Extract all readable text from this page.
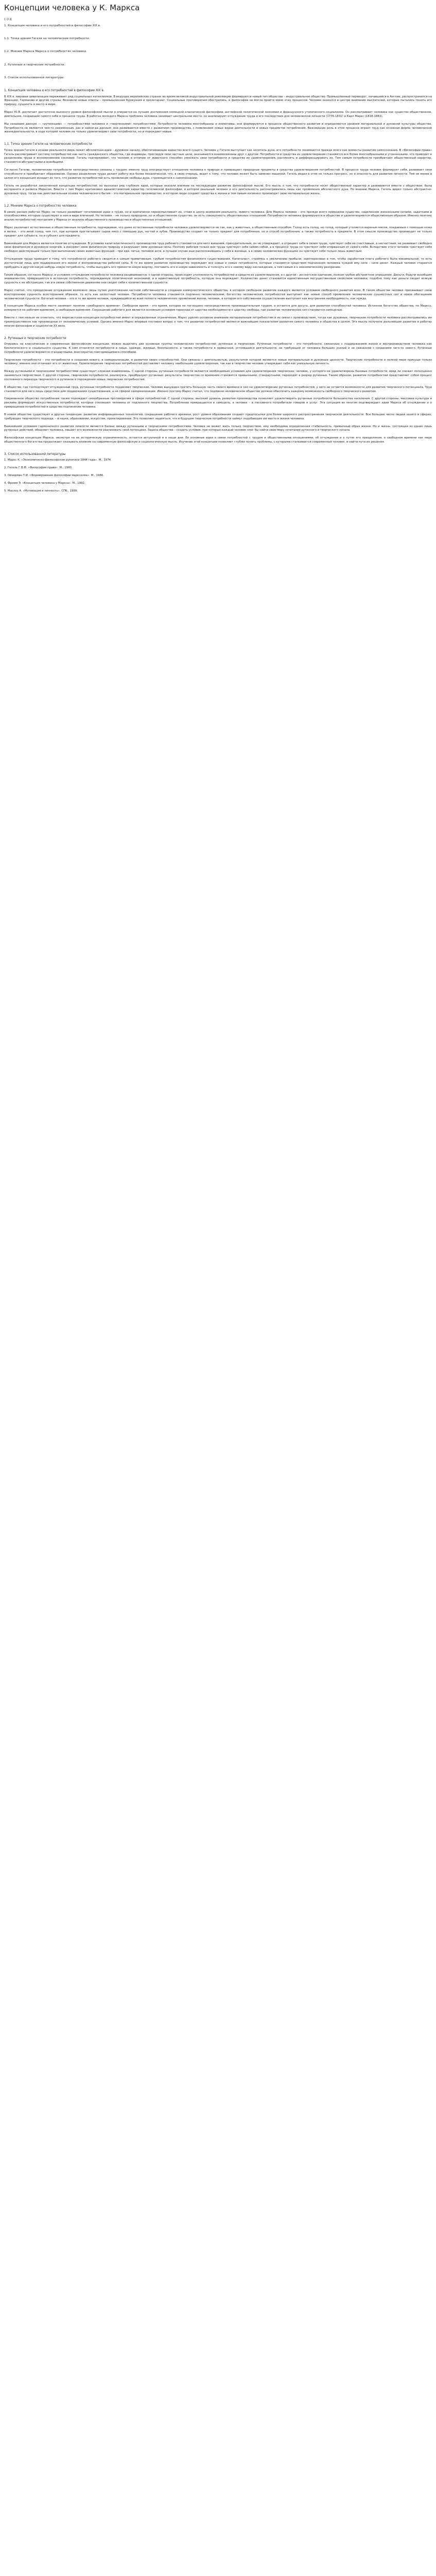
Концепции человека у К. Маркса
С О Д
1. Концепция человека и его потребностей в философии XIX в.
1.1. Точка зрения Гегеля на человеческие потребности.
1.2. Мнение Маркса Маркса о потребностях человека.
2. Рутинные и творческие потребности.
3. Список использованной литературы.
1. Концепция человека и его потребностей в философии XIX в.

В XIX в. мировая цивилизация переживает ряд социальных катаклизмов. В ведущих европейских странах во время великой индустриальной революции формируется новый тип общества – индустриальное общество. Промышленный переворот, начавшийся в Англии, распространился на Францию, Германию и другие страны. Возникли новые классы – промышленная буржуазия и пролетариат. Социальные противоречия обострились, и философия не могла пройти мимо этих процессов. Человек оказался в центре внимания мыслителей, которые пытались понять его природу, сущность и место в мире.

Маркс Ю.В. достигает достаточно высокого уровня философской мысли и опирается на лучшие достижения немецкой классической философии, английской политической экономии и французского утопического социализма. Он рассматривает человека как существо общественное, деятельное, создающее самого себя в процессе труда. В работах молодого Маркса проблема человека занимает центральное место; он анализирует отчуждение труда и его последствия для человеческой личности (1776-1831) и Карл Маркс (1818-1883).

Мы называем данную — «рутинными» — потребностями человека и «творческими» потребностями. Потребности человека многообразны и изменчивы; они формируются в процессе общественного развития и определяются уровнем материальной и духовной культуры общества. Потребности не являются чем-то неизменным, раз и навсегда данным: они развиваются вместе с развитием производства, с появлением новых видов деятельности и новых предметов потребления. Важнейшую роль в этом процессе играет труд как основная форма человеческой жизнедеятельности, в ходе которой человек не только удовлетворяет свои потребности, но и порождает новые.

1.1. Точка зрения Гегеля на человеческие потребности

Точка зрения Гегеля в основе реальности мира лежит абсолютная идея – духовное начало, обеспечивающее единство всего сущего. Человек у Гегеля выступает как носитель духа, его потребности понимаются прежде всего как моменты развития самосознания. В «Философии права» Гегель рассматривает систему потребностей как часть гражданского общества, где индивиды, преследуя свои частные цели, оказываются взаимосвязаны друг с другом. Потребности и средства их удовлетворения становятся все более многообразными и утонченными, что приводит к разделению труда и возникновению сословий. Гегель подчеркивает, что человек в отличие от животного способен умножать свои потребности и средства их удовлетворения, расчленять и дифференцировать их. Тем самым потребности приобретают общественный характер, становятся абстрактными и всеобщими.

Согласно Гегелю, человеческие потребности непосредственно связаны с трудом: именно труд опосредствует отношение человека к природе и превращает природные предметы в средства удовлетворения потребностей. В процессе труда человек формирует себя, развивает свои способности и приобретает образование. Однако разделение труда делает работу все более механической, что, в свою очередь, ведет к тому, что человек может быть заменен машиной. Гегель видел в этом не только прогресс, но и опасность для развития личности. Тем не менее в целом его концепция исходит из того, что развитие потребностей есть проявление свободы духа, стремящегося к самопознанию.

Гегель не разработал законченной концепции потребностей, но высказал ряд глубоких идей, которые оказали влияние на последующее развитие философской мысли. Его мысль о том, что потребности носят общественный характер и развиваются вместе с обществом, была воспринята и развита Марксом. Вместе с тем Маркс критиковал идеалистический характер гегелевской философии, в которой реальный человек и его деятельность рассматривались лишь как проявления абсолютного духа. По мнению Маркса, Гегель видел только абстрактно-духовный труд, тогда как действительная основа человеческого бытия – это материальное производство, в котором люди создают средства к жизни и тем самым косвенно производят свою материальную жизнь.

1.2. Мнение Маркса о потребностях человека

В своих ранних работах Маркс не только развивает гегелевские идеи о труде, но и критически переосмысливает их, ставя в центр внимания реального, живого человека. Для Маркса человек – это прежде всего природное существо, наделенное жизненными силами, задатками и способностями, которые существуют в нем в виде влечений. Но человек – не только природное, но и общественное существо, он есть совокупность общественных отношений. Потребности человека формируются в обществе и удовлетворяются общественным образом. Именно поэтому анализ потребностей неотделим у Маркса от анализа общественного производства и общественных отношений.

Маркс различает естественные и общественные потребности, подчеркивая, что даже естественные потребности человека удовлетворяются не так, как у животных, а общественным способом. Голод есть голод, но голод, который утоляется вареным мясом, поедаемым с помощью ножа и вилки, – это иной голод, чем тот, при котором проглатывают сырое мясо с помощью рук, ногтей и зубов. Производство создает не только предмет для потребления, но и способ потребления, а также потребность в предмете. В этом смысле производство производит не только предмет для субъекта, но и субъект для предмета.

Важнейшим для Маркса является понятие отчуждения. В условиях капиталистического производства труд рабочего становится для него внешним, принудительным, он не утверждает, а отрицает себя в своем труде, чувствует себя не счастливым, а несчастным, не развивает свободно свою физическую и духовную энергию, а изнуряет свою физическую природу и разрушает свои духовные силы. Поэтому рабочий только вне труда чувствует себя самим собой, а в процессе труда он чувствует себя оторванным от самого себя. Вследствие этого человек чувствует себя свободно действующим только при выполнении своих животных функций – при еде, питье, половом акте, в лучшем случае еще расположившись у себя в жилище, а в своих человеческих функциях он чувствует себя только лишь животным.

Отчуждение труда приводит к тому, что потребности рабочего сводятся к самым примитивным, грубым потребностям физического существования. Капиталист, стремясь к увеличению прибыли, заинтересован в том, чтобы заработная плата рабочего была минимальной, то есть достаточной лишь для поддержания его жизни и воспроизводства рабочей силы. В то же время развитие производства порождает все новые и новые потребности, которые становятся средством подчинения человека чуждой ему силе – силе денег. Каждый человек старается пробудить в другом какую-нибудь новую потребность, чтобы вынудить его принести новую жертву, поставить его в новую зависимость и толкнуть его к новому виду наслаждения, а тем самым и к экономическому разорению.

Таким образом, согласно Марксу, в условиях отчуждения потребности человека раздваиваются: с одной стороны, происходит утонченность потребностей и средств их удовлетворения, а с другой – их скотское одичание, полное грубое абстрактное упрощение. Деньги, будучи всеобщим эквивалентом, превращаются в истинную потребность, порождаемую политической экономией, и в единственную потребность, которую она порождает. Количество денег становится единственным могущественным свойством человека; подобно тому как деньги сводят всякую сущность к ее абстракции, так и в своем собственном движении они сводят себя к количественной сущности.

Маркс считал, что преодоление отчуждения возможно лишь путем уничтожения частной собственности и создания коммунистического общества, в котором свободное развитие каждого является условием свободного развития всех. В таком обществе человек присваивает свою всестороннюю сущность всесторонним образом, то есть как целостный человек. Потребности человека становятся подлинно человеческими, богатство человеческих потребностей выступает как новый способ проявления человеческих сущностных сил и новое обогащение человеческой сущности. Богатый человек – это в то же время человек, нуждающийся во всей полноте человеческих проявлений жизни, человек, в котором его собственное осуществление выступает как внутренняя необходимость, как нужда.

В концепции Маркса особое место занимает понятие «свободного времени». Свободное время – это время, которое не поглощено непосредственно производительным трудом, а остается для досуга, для развития способностей человека. Истинное богатство общества, по Марксу, измеряется не рабочим временем, а свободным временем. Сокращение рабочего дня является основным условием перехода от царства необходимости к царству свободы, где развитие человеческих сил становится самоцелью.

Вместе с тем нельзя не отметить, что марксистская концепция потребностей имеет и определенные ограничения. Маркс уделял основное внимание материальным потребностям и их связи с производством, тогда как духовные, творческие потребности человека рассматривались им преимущественно как производные от экономических условий. Однако именно Маркс впервые поставил вопрос о том, что развитие потребностей является важнейшим показателем развития самого человека и общества в целом. Эта мысль получила дальнейшее развитие в работах многих философов и социологов XX века.

2. Рутинные и творческие потребности

Опираясь на классические и современные философские концепции, можно выделить две основные группы человеческих потребностей: рутинные и творческие. Рутинные потребности – это потребности, связанные с поддержанием жизни и воспроизводством человека как биологического и социального существа. К ним относятся потребности в пище, одежде, жилище, безопасности, а также потребности в привычной, устоявшейся деятельности, не требующей от человека больших усилий и не связанной с созданием чего-то нового. Рутинные потребности удовлетворяются стандартными, многократно повторяющимися способами.

Творческие потребности – это потребности в создании нового, в самореализации, в развитии своих способностей. Они связаны с деятельностью, результатом которой являются новые материальные и духовные ценности. Творческие потребности в полной мере присущи только человеку; именно они отличают его от животных. Удовлетворение творческих потребностей доставляет человеку наибольшее удовлетворение, так как в творчестве человек утверждает себя как уникальную личность.

Между рутинными и творческими потребностями существует сложная взаимосвязь. С одной стороны, рутинные потребности являются необходимым условием для удовлетворения творческих: человек, у которого не удовлетворены базовые потребности, вряд ли сможет полноценно заниматься творчеством. С другой стороны, творческие потребности, реализуясь, преобразуют рутинные: результаты творчества со временем становятся привычными, стандартными, переходят в разряд рутинных. Таким образом, развитие потребностей представляет собой процесс постоянного перехода творческого в рутинное и порождения новых творческих потребностей.

В обществе, где господствует отчужденный труд, рутинные потребности подавляют творческие. Человек вынужден тратить большую часть своего времени и сил на удовлетворение рутинных потребностей, у него не остается возможности для развития творческого потенциала. Труд становится для него лишь средством для поддержания существования, а не сферой самореализации. Именно поэтому Маркс считал, что подлинно человеческое общество должно обеспечить каждому возможность свободного творческого развития.

Современное общество потребления также порождает своеобразные противоречия в сфере потребностей. С одной стороны, высокий уровень развития производства позволяет удовлетворить рутинные потребности большинства населения. С другой стороны, массовая культура и реклама формируют искусственные потребности, которые отвлекают человека от подлинного творчества. Потребление превращается в самоцель, а человек – в пассивного потребителя товаров и услуг. Эта ситуация во многом подтверждает идеи Маркса об отчуждении и о превращении потребностей в средство подчинения человека.

В новом обществе существует и другая тенденция: развитие информационных технологий, сокращение рабочего времени, рост уровня образования создают предпосылки для более широкого распространения творческой деятельности. Все большее число людей занято в сферах, требующих творческого подхода, – в науке, образовании, искусстве, проектировании. Это позволяет надеяться, что в будущем творческие потребности займут подобающее им место в жизни человека.

Важнейшим условием гармоничного развития личности является баланс между рутинными и творческими потребностями. Человек не может жить только творчеством, ему необходима определенная стабильность, привычный образ жизни. Но и жизнь, состоящая из одних лишь рутинных действий, обедняет человека, лишает его возможности реализовать свой потенциал. Задача общества – создать условия, при которых каждый человек смог бы найти свою меру сочетания рутинного и творческого начала.

Философская концепция Маркса, несмотря на ее историческую ограниченность, остается актуальной и в наши дни. Ее основные идеи о связи потребностей с трудом и общественными отношениями, об отчуждении и о путях его преодоления, о свободном времени как мере общественного богатства продолжают оказывать влияние на современную философскую и социологическую мысль. Изучение этой концепции позволяет глубже понять проблемы, с которыми сталкивается современный человек, и найти пути их решения.

3. Список использованной литературы

1. Маркс К. «Экономическо-философские рукописи 1844 года». М., 1974.

2. Гегель Г.В.Ф. «Философия права». М., 1990.

3. Ойзерман Т.И. «Формирование философии марксизма». М., 1986.

4. Фромм Э. «Концепция человека у Маркса». М., 1992.

5. Маслоу А. «Мотивация и личность». СПб., 1999.
